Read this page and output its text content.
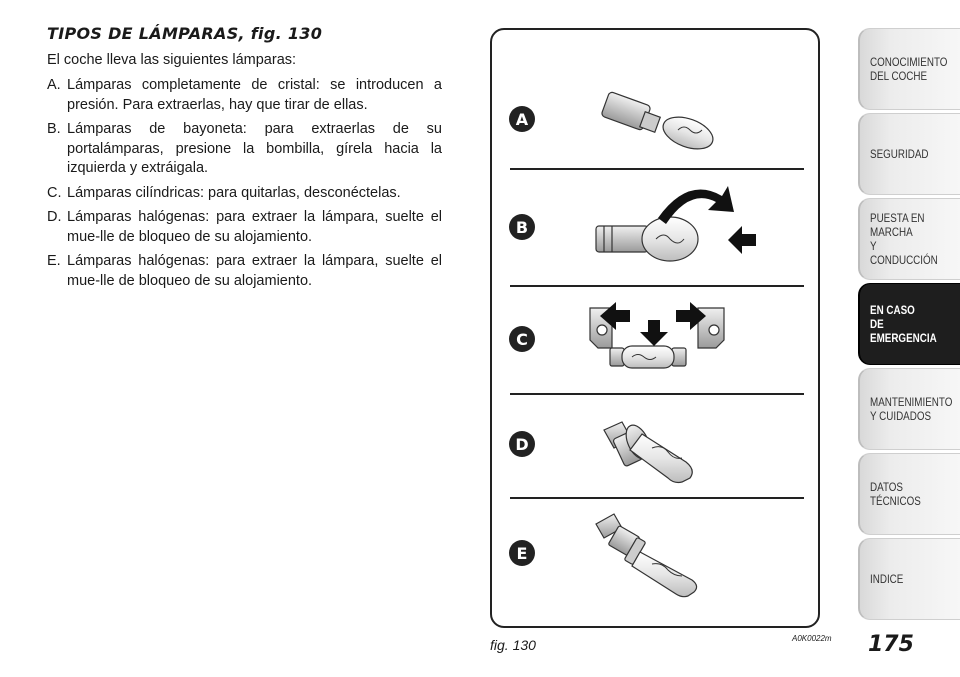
TIPOS DE LÁMPARAS, fig. 130

El coche lleva las siguientes lámparas:

A. Lámparas completamente de cristal: se introducen a presión. Para extraerlas, hay que tirar de ellas.
B. Lámparas de bayoneta: para extraerlas de su portalámparas, presione la bombilla, gírela hacia la izquierda y extráigala.
C. Lámparas cilíndricas: para quitarlas, desconéctelas.
D. Lámparas halógenas: para extraer la lámpara, suelte el mue-lle de bloqueo de su alojamiento.
E. Lámparas halógenas: para extraer la lámpara, suelte el mue-lle de bloqueo de su alojamiento.
A
B
C
D
E
fig. 130	A0K0022m 175
CONOCIMIENTO
DEL COCHE
SEGURIDAD
PUESTA EN MARCHA
Y CONDUCCIÓN
EN CASO
DE EMERGENCIA
MANTENIMIENTO
Y CUIDADOS
DATOS TÉCNICOS
INDICE
